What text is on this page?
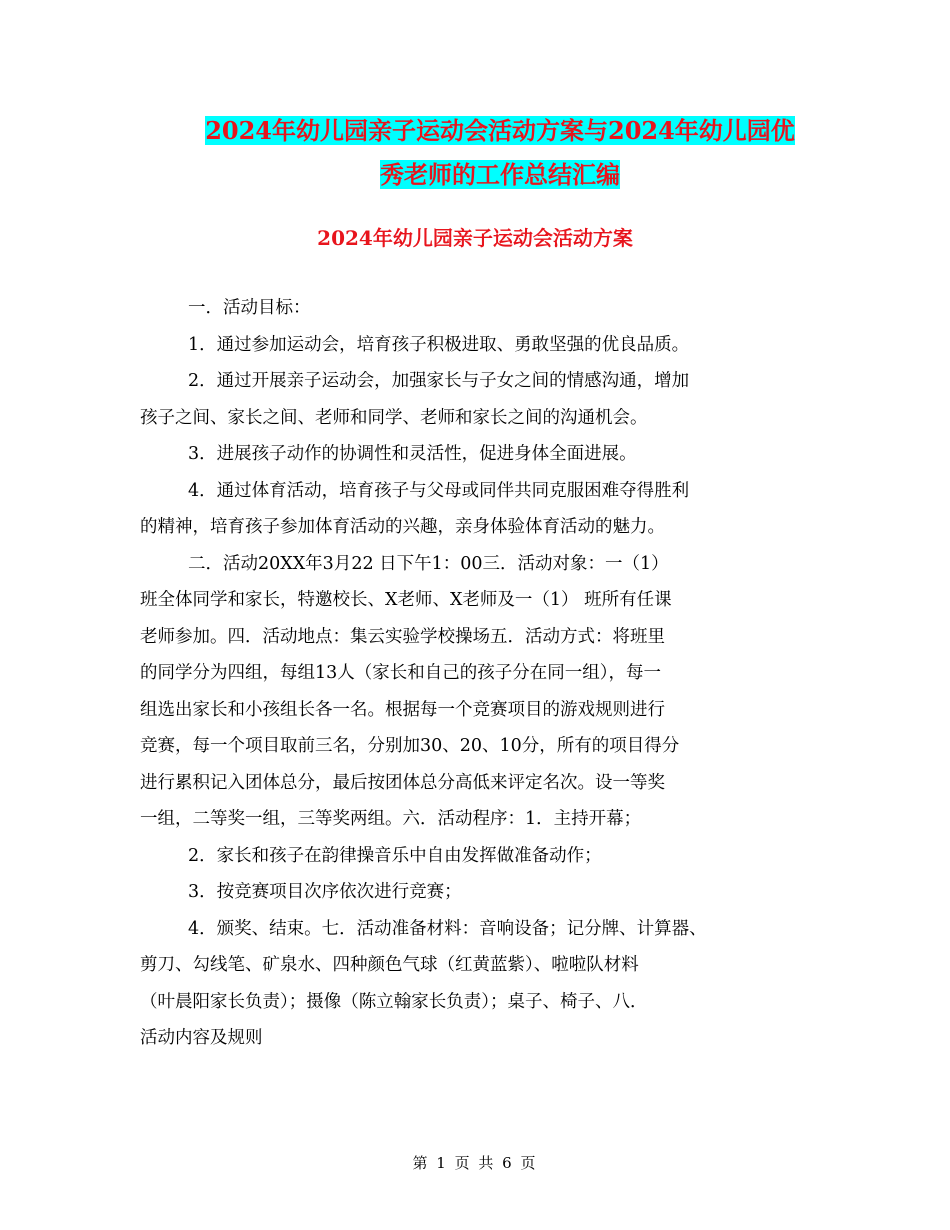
2024年幼儿园亲子运动会活动方案与2024年幼儿园优
秀老师的工作总结汇编
2024年幼儿园亲子运动会活动方案

一．活动目标：

1．通过参加运动会，培育孩子积极进取、勇敢坚强的优良品质。

2．通过开展亲子运动会，加强家长与子女之间的情感沟通，增加

孩子之间、家长之间、老师和同学、老师和家长之间的沟通机会。

3．进展孩子动作的协调性和灵活性，促进身体全面进展。

4．通过体育活动，培育孩子与父母或同伴共同克服困难夺得胜利

的精神，培育孩子参加体育活动的兴趣，亲身体验体育活动的魅力。

二．活动20XX年3月22 日下午1：00三．活动对象：一（1）

班全体同学和家长，特邀校长、X老师、X老师及一（1） 班所有任课

老师参加。四．活动地点：集云实验学校操场五．活动方式：将班里

的同学分为四组，每组13人（家长和自己的孩子分在同一组），每一

组选出家长和小孩组长各一名。根据每一个竞赛项目的游戏规则进行

竞赛，每一个项目取前三名，分别加30、20、10分，所有的项目得分

进行累积记入团体总分，最后按团体总分高低来评定名次。设一等奖

一组，二等奖一组，三等奖两组。六．活动程序：1．主持开幕；

2．家长和孩子在韵律操音乐中自由发挥做准备动作；

3．按竞赛项目次序依次进行竞赛；

4．颁奖、结束。七．活动准备材料：音响设备；记分牌、计算器、

剪刀、勾线笔、矿泉水、四种颜色气球（红黄蓝紫）、啦啦队材料

（叶晨阳家长负责）；摄像（陈立翰家长负责）；桌子、椅子、八．

活动内容及规则

第 1 页 共 6 页
